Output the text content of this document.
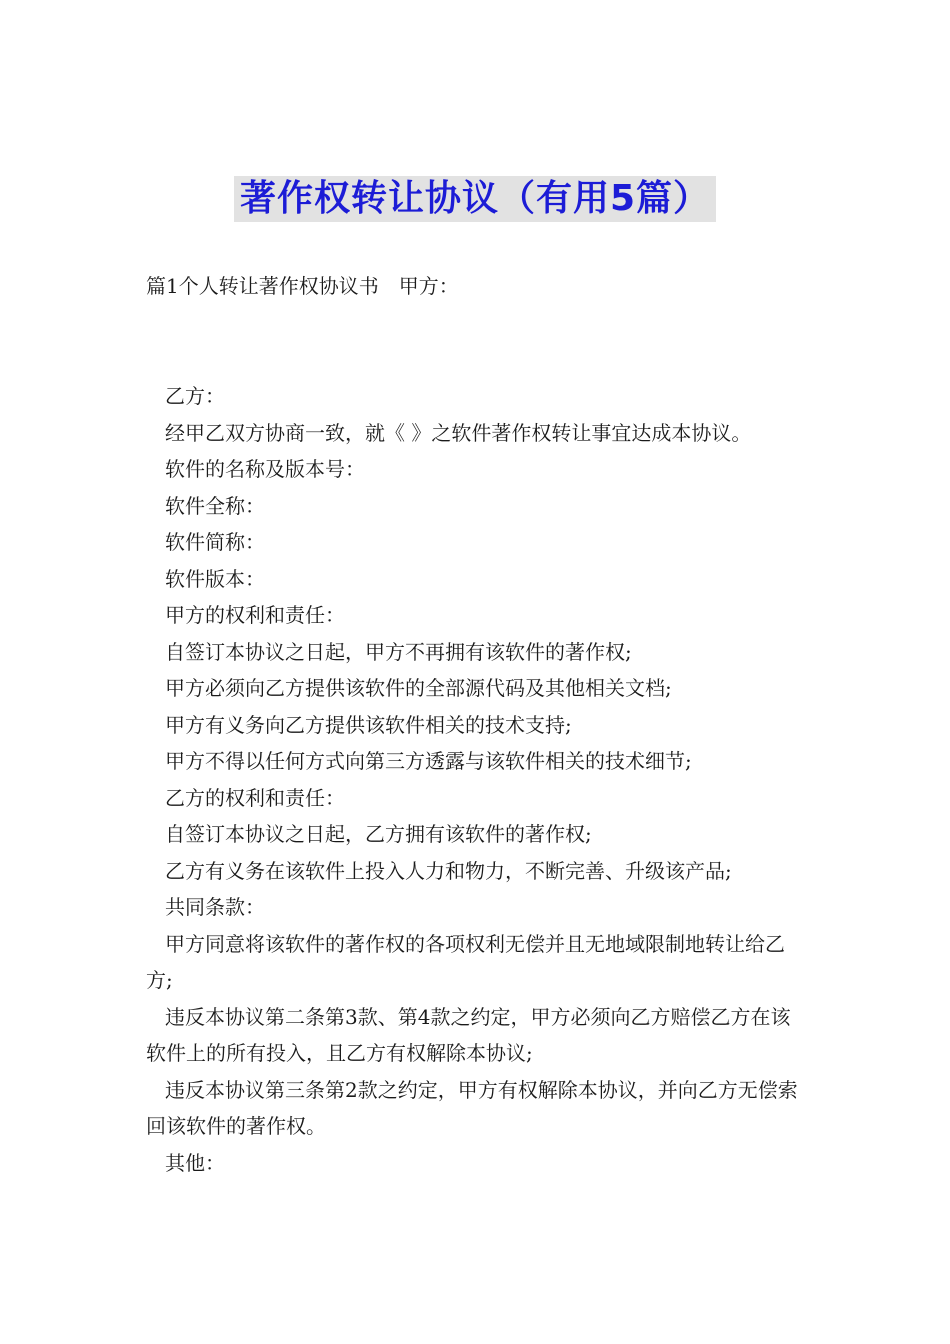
著作权转让协议（有用5篇）
篇1个人转让著作权协议书　甲方：

乙方：

经甲乙双方协商一致，就《 》之软件著作权转让事宜达成本协议。

软件的名称及版本号：

软件全称：

软件简称：

软件版本：

甲方的权利和责任：

自签订本协议之日起，甲方不再拥有该软件的著作权;

甲方必须向乙方提供该软件的全部源代码及其他相关文档;

甲方有义务向乙方提供该软件相关的技术支持;

甲方不得以任何方式向第三方透露与该软件相关的技术细节;

乙方的权利和责任：

自签订本协议之日起，乙方拥有该软件的著作权;

乙方有义务在该软件上投入人力和物力，不断完善、升级该产品;

共同条款：

甲方同意将该软件的著作权的各项权利无偿并且无地域限制地转让给乙方;

违反本协议第二条第3款、第4款之约定，甲方必须向乙方赔偿乙方在该软件上的所有投入，且乙方有权解除本协议;

违反本协议第三条第2款之约定，甲方有权解除本协议，并向乙方无偿索回该软件的著作权。

其他：
